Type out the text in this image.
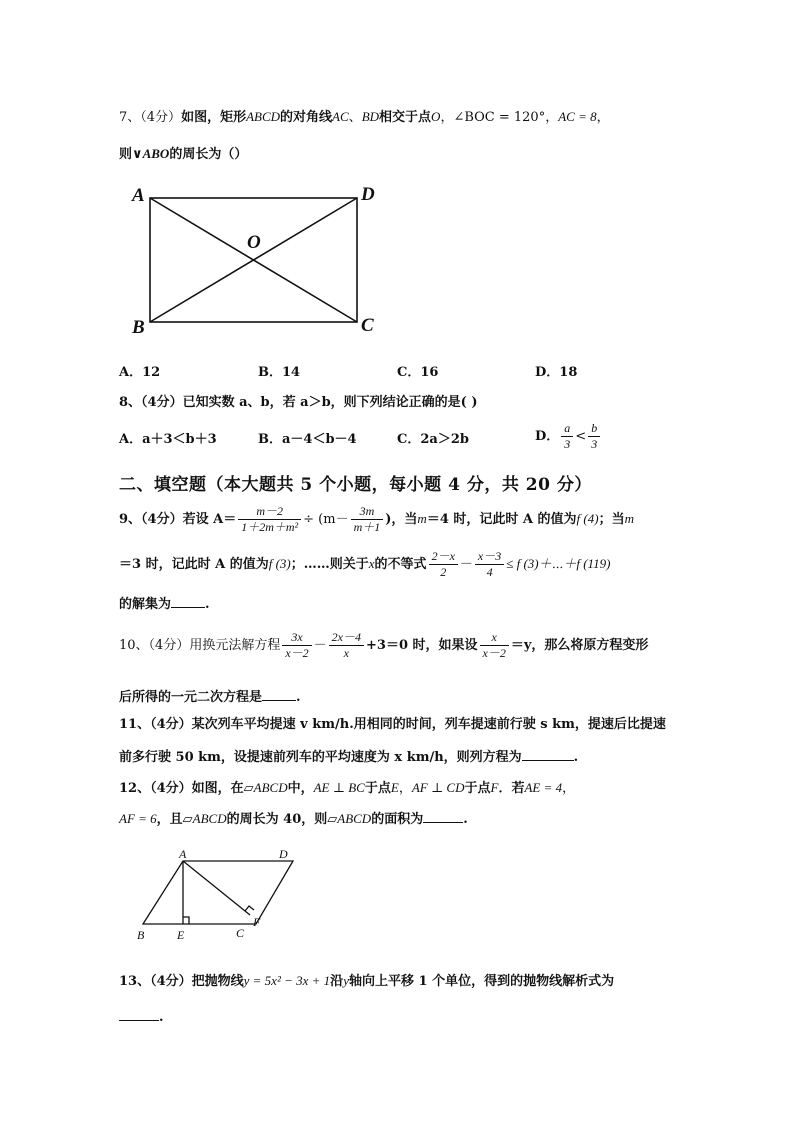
7、（4分）如图，矩形ABCD的对角线AC、BD相交于点O，∠BOC = 120°，AC = 8，
则∨ABO的周长为（）
A	D
O
B	C
A．12	B．14	C．16	D．18
8、（4分）已知实数 a、b，若 a＞b，则下列结论正确的是( )
A．a＋3＜b＋3	B．a－4＜b－4	C．2a＞2b	D． $\frac{a}{3} < \frac{b}{3}$
二、填空题（本大题共 5 个小题，每小题 4 分，共 20 分）
9、（4分）若设 $A= \frac{m-2}{\text{1＋2m＋m²}} \div (m- \frac{3m}{m+1}$ )，当m＝4 时，记此时 A 的值为f (4)；当m
＝3 时，记此时 A 的值为f (3)；……则关于x的不等式 $\frac{2-x}{2} - \frac{x-3}{4} \le f$ (3)＋⋯＋f (119)
的解集为	.
10、（4分）用换元法解方程 $\frac{3x}{x-2} - \frac{2x-4}{x} +3=0$ 时，如果设 $\frac{x}{x-2} =y$，那么将原方程变形
后所得的一元二次方程是	.
11、（4分）某次列车平均提速 v km/h.用相同的时间，列车提速前行驶 s km，提速后比提速
前多行驶 50 km，设提速前列车的平均速度为 x km/h，则列方程为	.
12、（4分）如图，在▱ABCD中，AE ⊥ BC于点E，AF ⊥ CD于点F．若AE = 4，
AF = 6，且▱ABCD的周长为 40，则▱ABCD的面积为	.
A	D
B	E	C
F
13、（4分）把抛物线y = 5x² − 3x + 1沿y轴向上平移 1 个单位，得到的抛物线解析式为
.
